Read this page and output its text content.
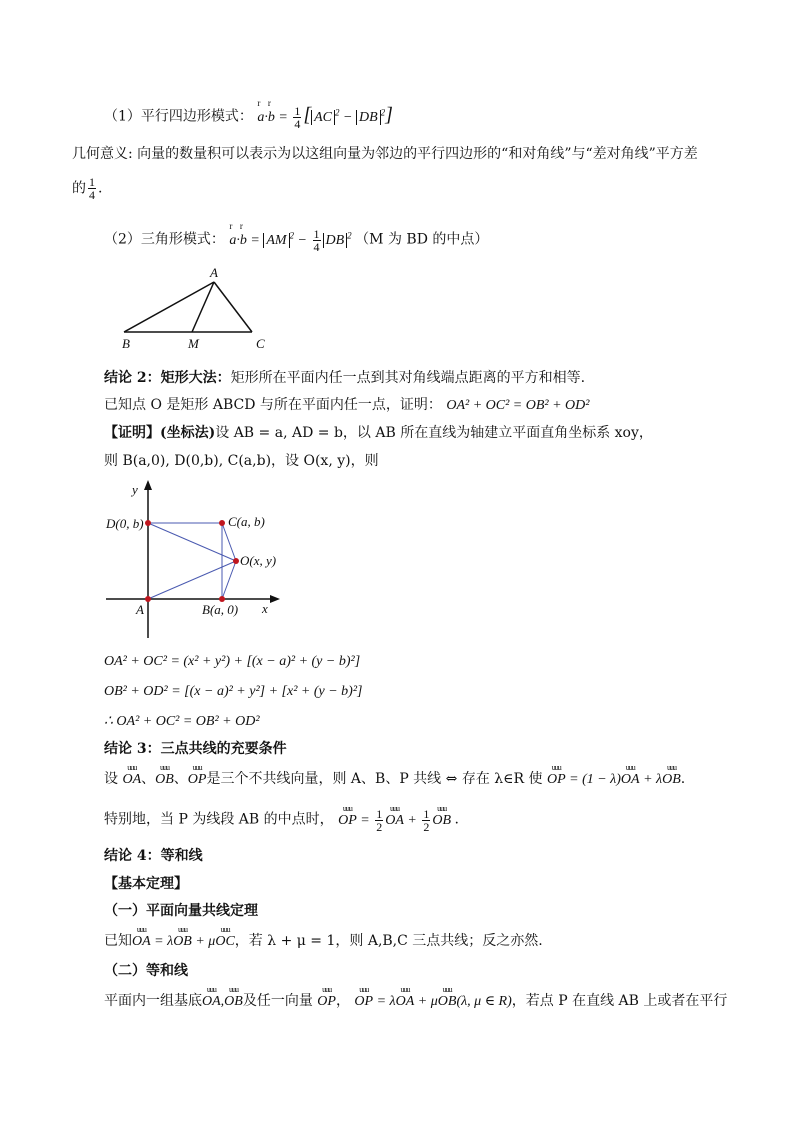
（1）平行四边形模式：
r
a·
r
$b = \frac{1}{4}$ [ AC $^2$ − DB $^2$]
几何意义: 向量的数量积可以表示为以这组向量为邻边的平行四边形的“和对角线”与“差对角线”平方差
的 $\frac{1}{4}$ .
（2）三角形模式：
r
a·
r
b = AM $^2 - \frac{1}{4}$ DB $^2$ （M 为 BD 的中点）
A
B	M	C
结论 2：矩形大法：矩形所在平面内任一点到其对角线端点距离的平方和相等.
已知点 O 是矩形 ABCD 与所在平面内任一点，证明： OA² + OC² = OB² + OD²
【证明】(坐标法)设 AB = a, AD = b，以 AB 所在直线为轴建立平面直角坐标系 xoy，
则 B(a,0), D(0,b), C(a,b)，设 O(x, y)，则
y
x
D(0, b)	C(a, b)
O(x, y)
A	B(a, 0)
OA² + OC² = (x² + y²) + [(x − a)² + (y − b)²]
OB² + OD² = [(x − a)² + y²] + [x² + (y − b)²]
∴ OA² + OC² = OB² + OD²
结论 3：三点共线的充要条件
设
uuu
OA、
uuu
OB、
uuu
OP是三个不共线向量，则 A、B、P 共线 ⇔ 存在 λ∈R 使
uuu
OP = (1 − λ)
uuu
OA + λ
uuu
OB.
特别地，当 P 为线段 AB 的中点时，
uuu
OP = $\frac{1}{2}$ uuu
OA + $\frac{1}{2}$ uuu
OB .
结论 4：等和线
【基本定理】
（一）平面向量共线定理
已知
uuu
OA = λ
uuu
OB + μ
uuu
OC，若 λ + μ = 1，则 A,B,C 三点共线；反之亦然.
（二）等和线
平面内一组基底
uuu
OA,
uuu
OB及任一向量
uuu
OP，
uuu
OP = λ
uuu
OA + μ
uuu
OB(λ, μ ∈ R)，若点 P 在直线 AB 上或者在平行
